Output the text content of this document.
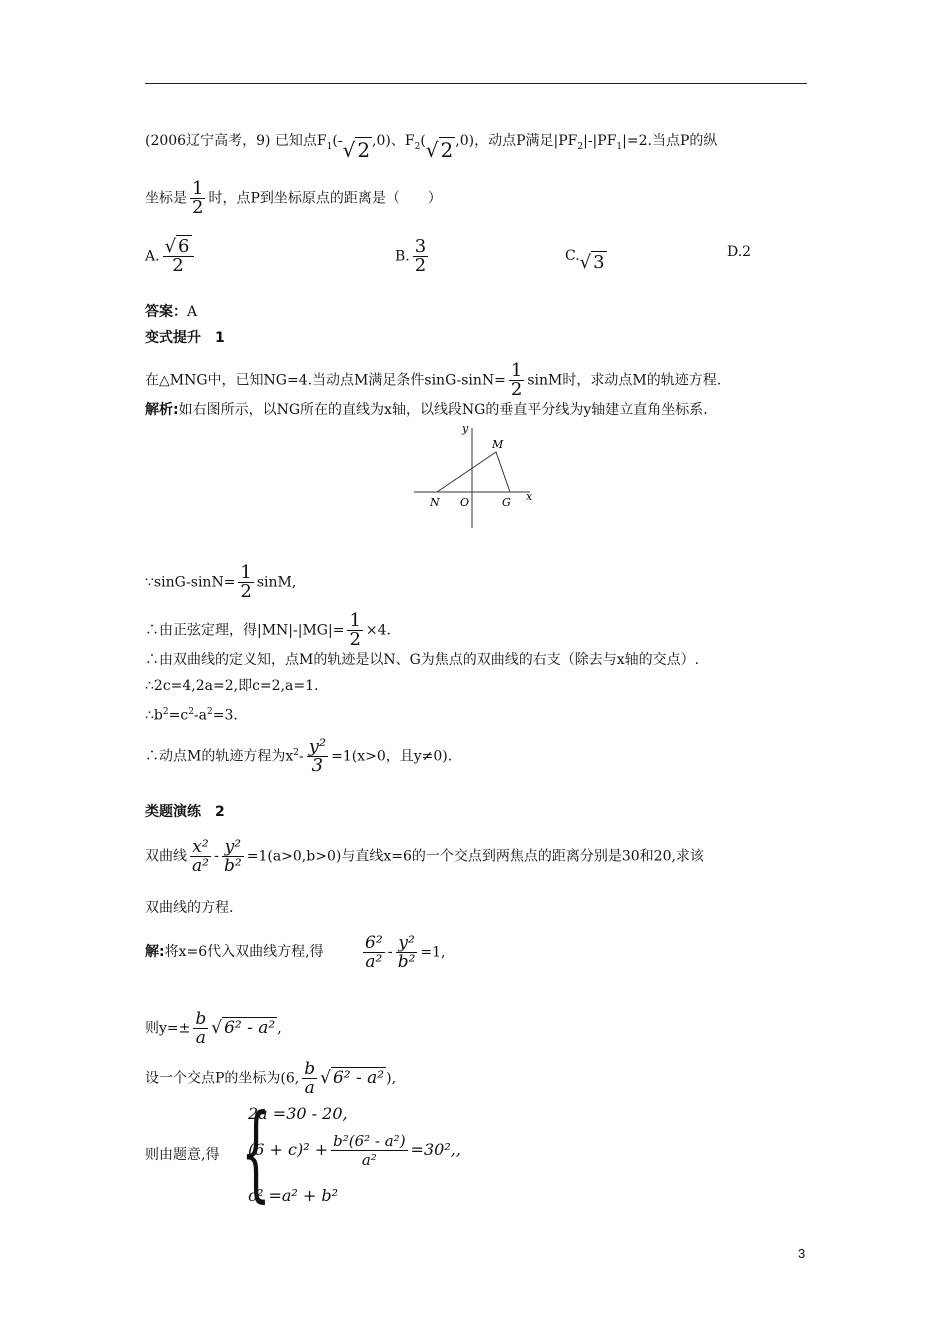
(2006辽宁高考，9) 已知点$F_1(-√$ 2 ,0)、$F_2(√$ 2 ,0)，动点P满足$|PF_2|-|PF_1|=2$.当点P的纵
坐标是 $\frac{1}{2}$ 时，点P到坐标原点的距离是（　　）
A. $\frac{√ 6}{2}$	B. $\frac{3}{2}$	C.√ 3	D.2
答案：A
变式提升　1
在△MNG中，已知NG=4.当动点M满足条件$\sin G-\sin N= \frac{1}{2}$ sinM时，求动点M的轨迹方程.
解析:如右图所示，以NG所在的直线为x轴，以线段NG的垂直平分线为y轴建立直角坐标系.
y
M
N O	G x
∵sinG-sinN= $\frac{1}{2} \sin M$,
∴由正弦定理，得$|MN|-|MG|= \frac{1}{2} \times 4$.
∴由双曲线的定义知，点M的轨迹是以N、G为焦点的双曲线的右支（除去与x轴的交点）.
∴2c=4,2a=2,即c=2,a=1.
$\therefore b^2=c^2-a^2=3$.
∴动点M的轨迹方程为$x^2- \frac{\text{y²}}{3} =1(x>0$，且y≠0).
类题演练　2
双曲线 $\frac{\text{x²}}{\text{a²}} - \frac{\text{y²}}{\text{b²}} =1(a>0,b>0)$与直线x=6的一个交点到两焦点的距离分别是30和20,求该
双曲线的方程.
解:将x=6代入双曲线方程,得 $\frac{\text{6²}}{\text{a²}} - \frac{\text{y²}}{\text{b²}} =1$,
则$y=\pm \frac{b}{a}$ √ 6² - a² ,
设一个交点P的坐标为(6, $\frac{b}{a}$ √ 6² - a² ),
则由题意,得 {
2a =30 - 20,
$(6 + c)^2 + \frac{\text{b²(6² - a²)}}{\text{a²}} =30^2$,,
c² =a² + b²
3
